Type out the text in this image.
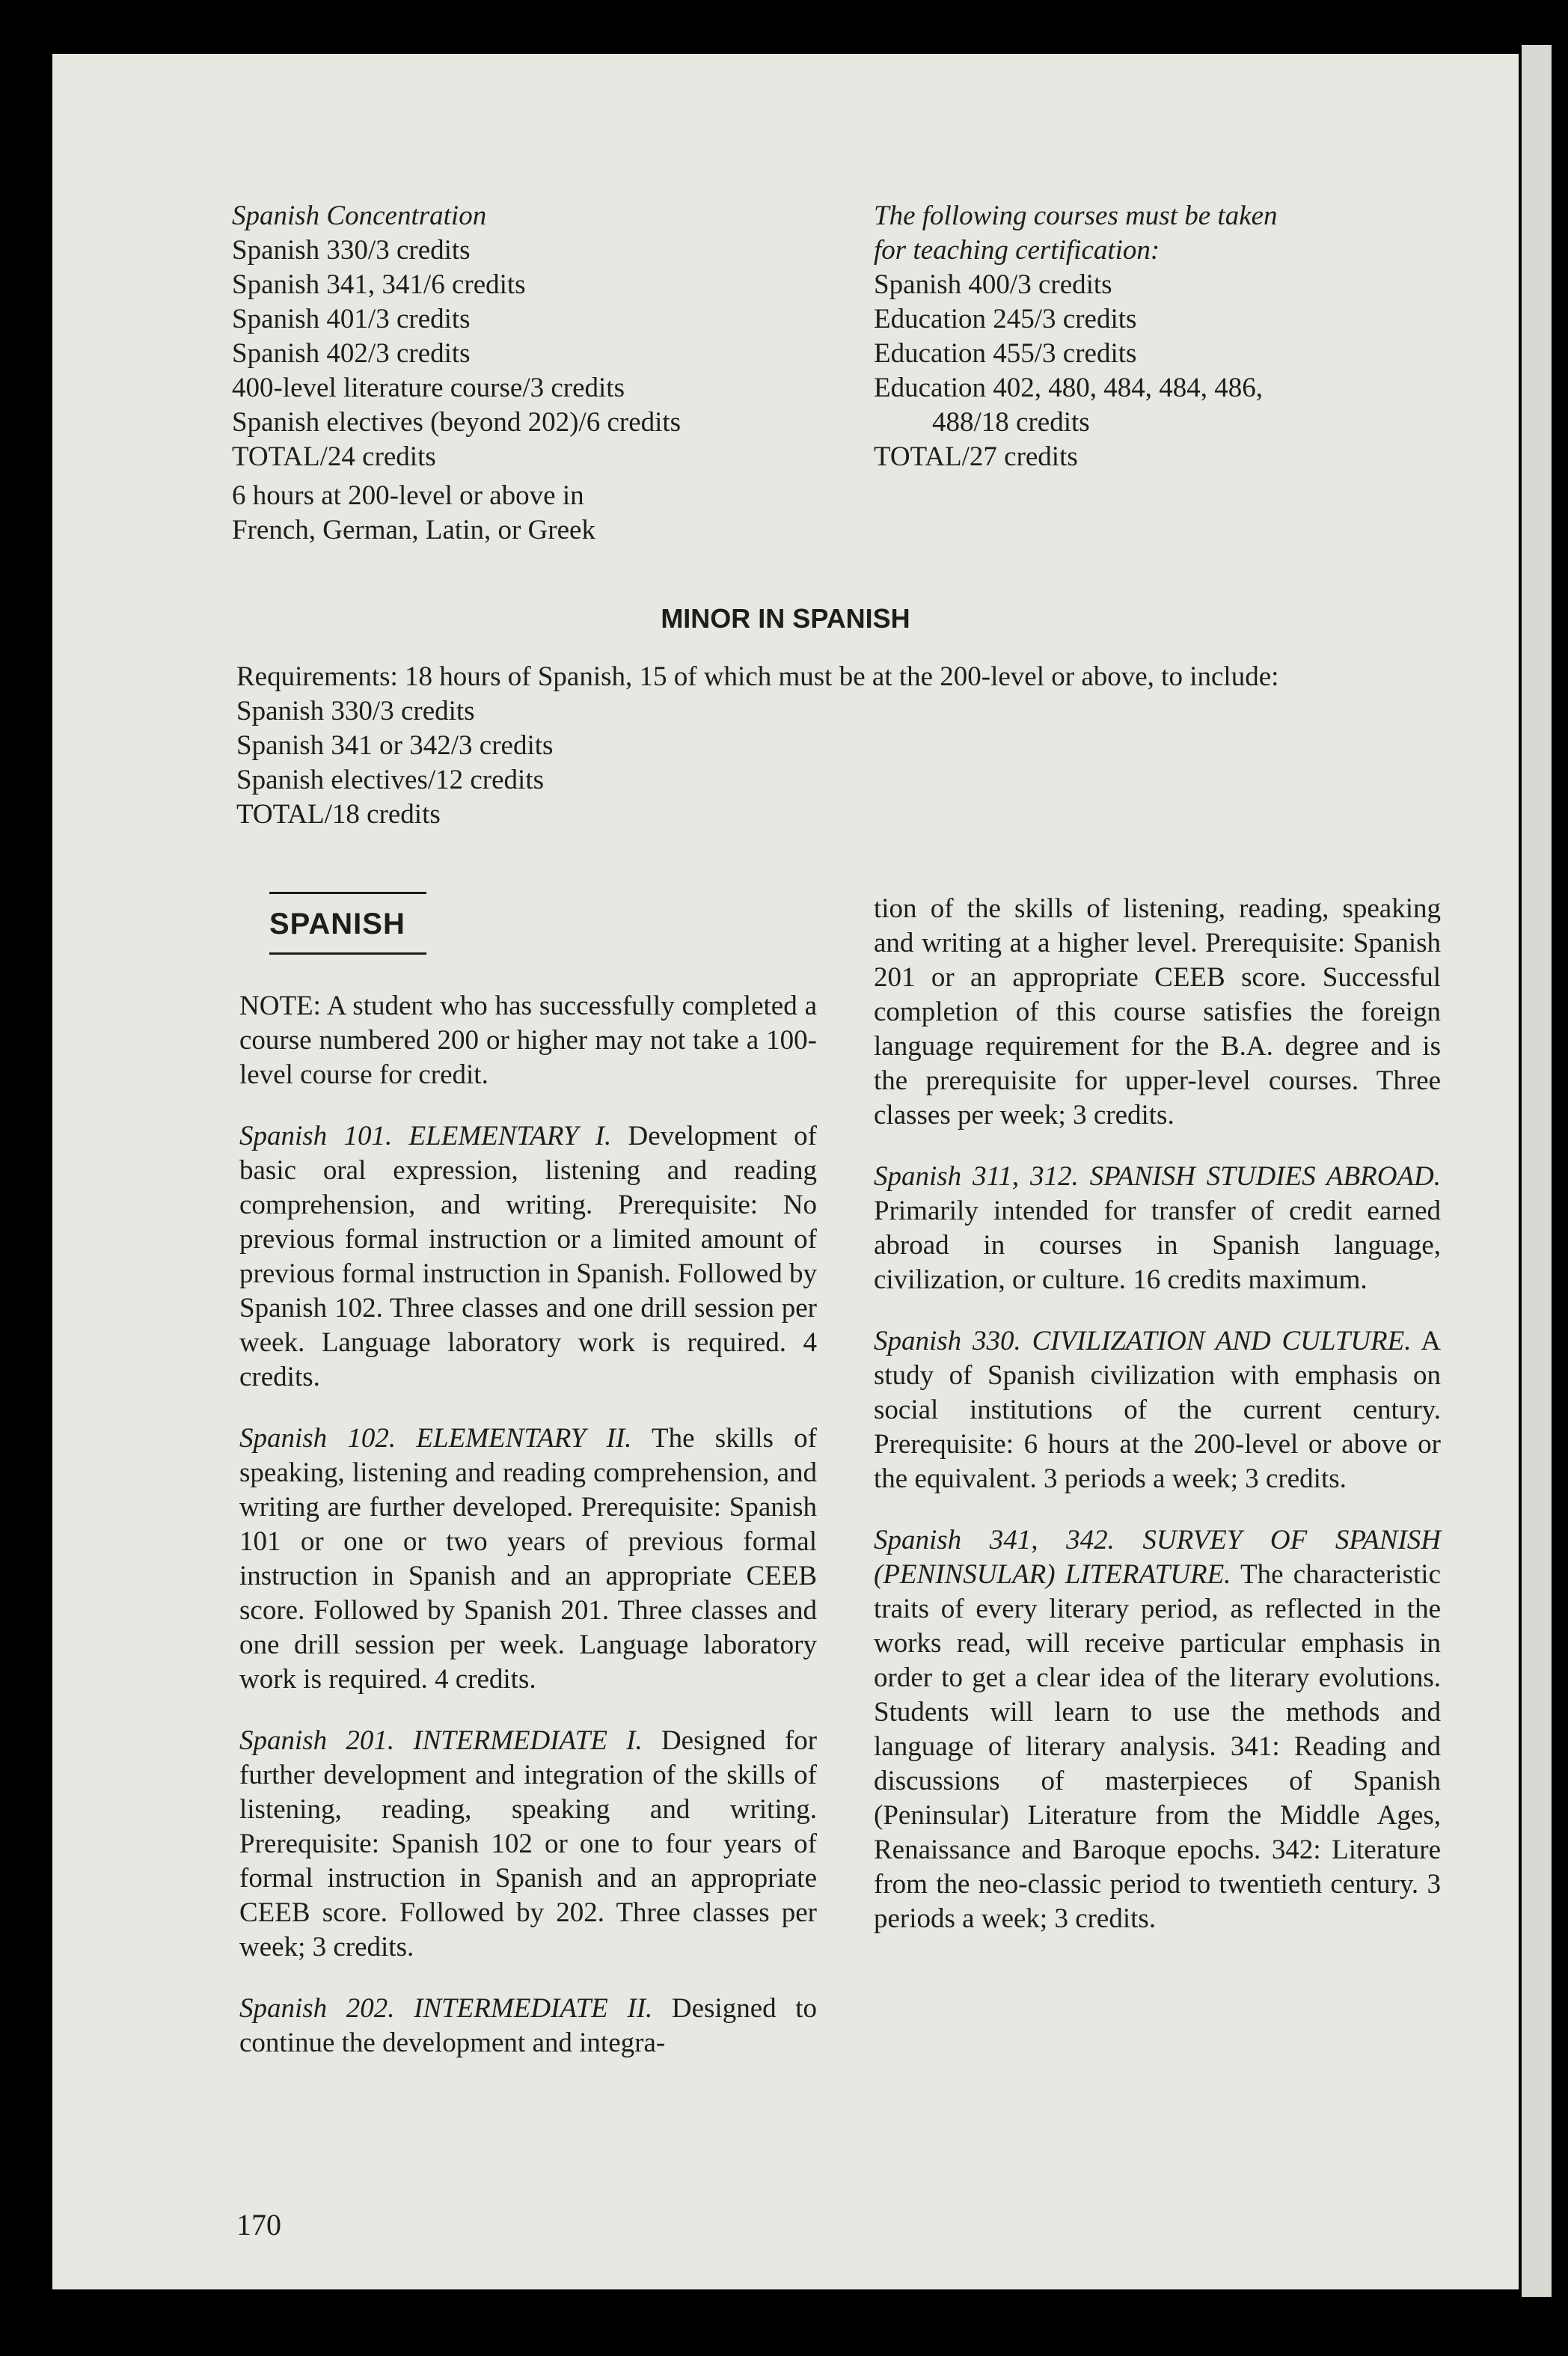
Spanish Concentration
Spanish 330/3 credits
Spanish 341, 341/6 credits
Spanish 401/3 credits
Spanish 402/3 credits
400-level literature course/3 credits
Spanish electives (beyond 202)/6 credits
TOTAL/24 credits
6 hours at 200-level or above in
French, German, Latin, or Greek
The following courses must be taken
for teaching certification:
Spanish 400/3 credits
Education 245/3 credits
Education 455/3 credits
Education 402, 480, 484, 484, 486,
488/18 credits
TOTAL/27 credits
MINOR IN SPANISH
Requirements: 18 hours of Spanish, 15 of which must be at the 200-level or above, to include:
Spanish 330/3 credits
Spanish 341 or 342/3 credits
Spanish electives/12 credits
TOTAL/18 credits
SPANISH

NOTE: A student who has successfully completed a course numbered 200 or higher may not take a 100-level course for credit.

Spanish 101. ELEMENTARY I. Development of basic oral expression, listening and reading comprehension, and writing. Prerequisite: No previous formal instruction or a limited amount of previous formal instruction in Spanish. Followed by Spanish 102. Three classes and one drill session per week. Language laboratory work is required. 4 credits.

Spanish 102. ELEMENTARY II. The skills of speaking, listening and reading comprehension, and writing are further developed. Prerequisite: Spanish 101 or one or two years of previous formal instruction in Spanish and an appropriate CEEB score. Followed by Spanish 201. Three classes and one drill session per week. Language laboratory work is required. 4 credits.

Spanish 201. INTERMEDIATE I. Designed for further development and integration of the skills of listening, reading, speaking and writing. Prerequisite: Spanish 102 or one to four years of formal instruction in Spanish and an appropriate CEEB score. Followed by 202. Three classes per week; 3 credits.

Spanish 202. INTERMEDIATE II. Designed to continue the development and integra-

tion of the skills of listening, reading, speaking and writing at a higher level. Prerequisite: Spanish 201 or an appropriate CEEB score. Successful completion of this course satisfies the foreign language requirement for the B.A. degree and is the prerequisite for upper-level courses. Three classes per week; 3 credits.

Spanish 311, 312. SPANISH STUDIES ABROAD. Primarily intended for transfer of credit earned abroad in courses in Spanish language, civilization, or culture. 16 credits maximum.

Spanish 330. CIVILIZATION AND CULTURE. A study of Spanish civilization with emphasis on social institutions of the current century. Prerequisite: 6 hours at the 200-level or above or the equivalent. 3 periods a week; 3 credits.

Spanish 341, 342. SURVEY OF SPANISH (PENINSULAR) LITERATURE. The characteristic traits of every literary period, as reflected in the works read, will receive particular emphasis in order to get a clear idea of the literary evolutions. Students will learn to use the methods and language of literary analysis. 341: Reading and discussions of masterpieces of Spanish (Peninsular) Literature from the Middle Ages, Renaissance and Baroque epochs. 342: Literature from the neo-classic period to twentieth century. 3 periods a week; 3 credits.

170
